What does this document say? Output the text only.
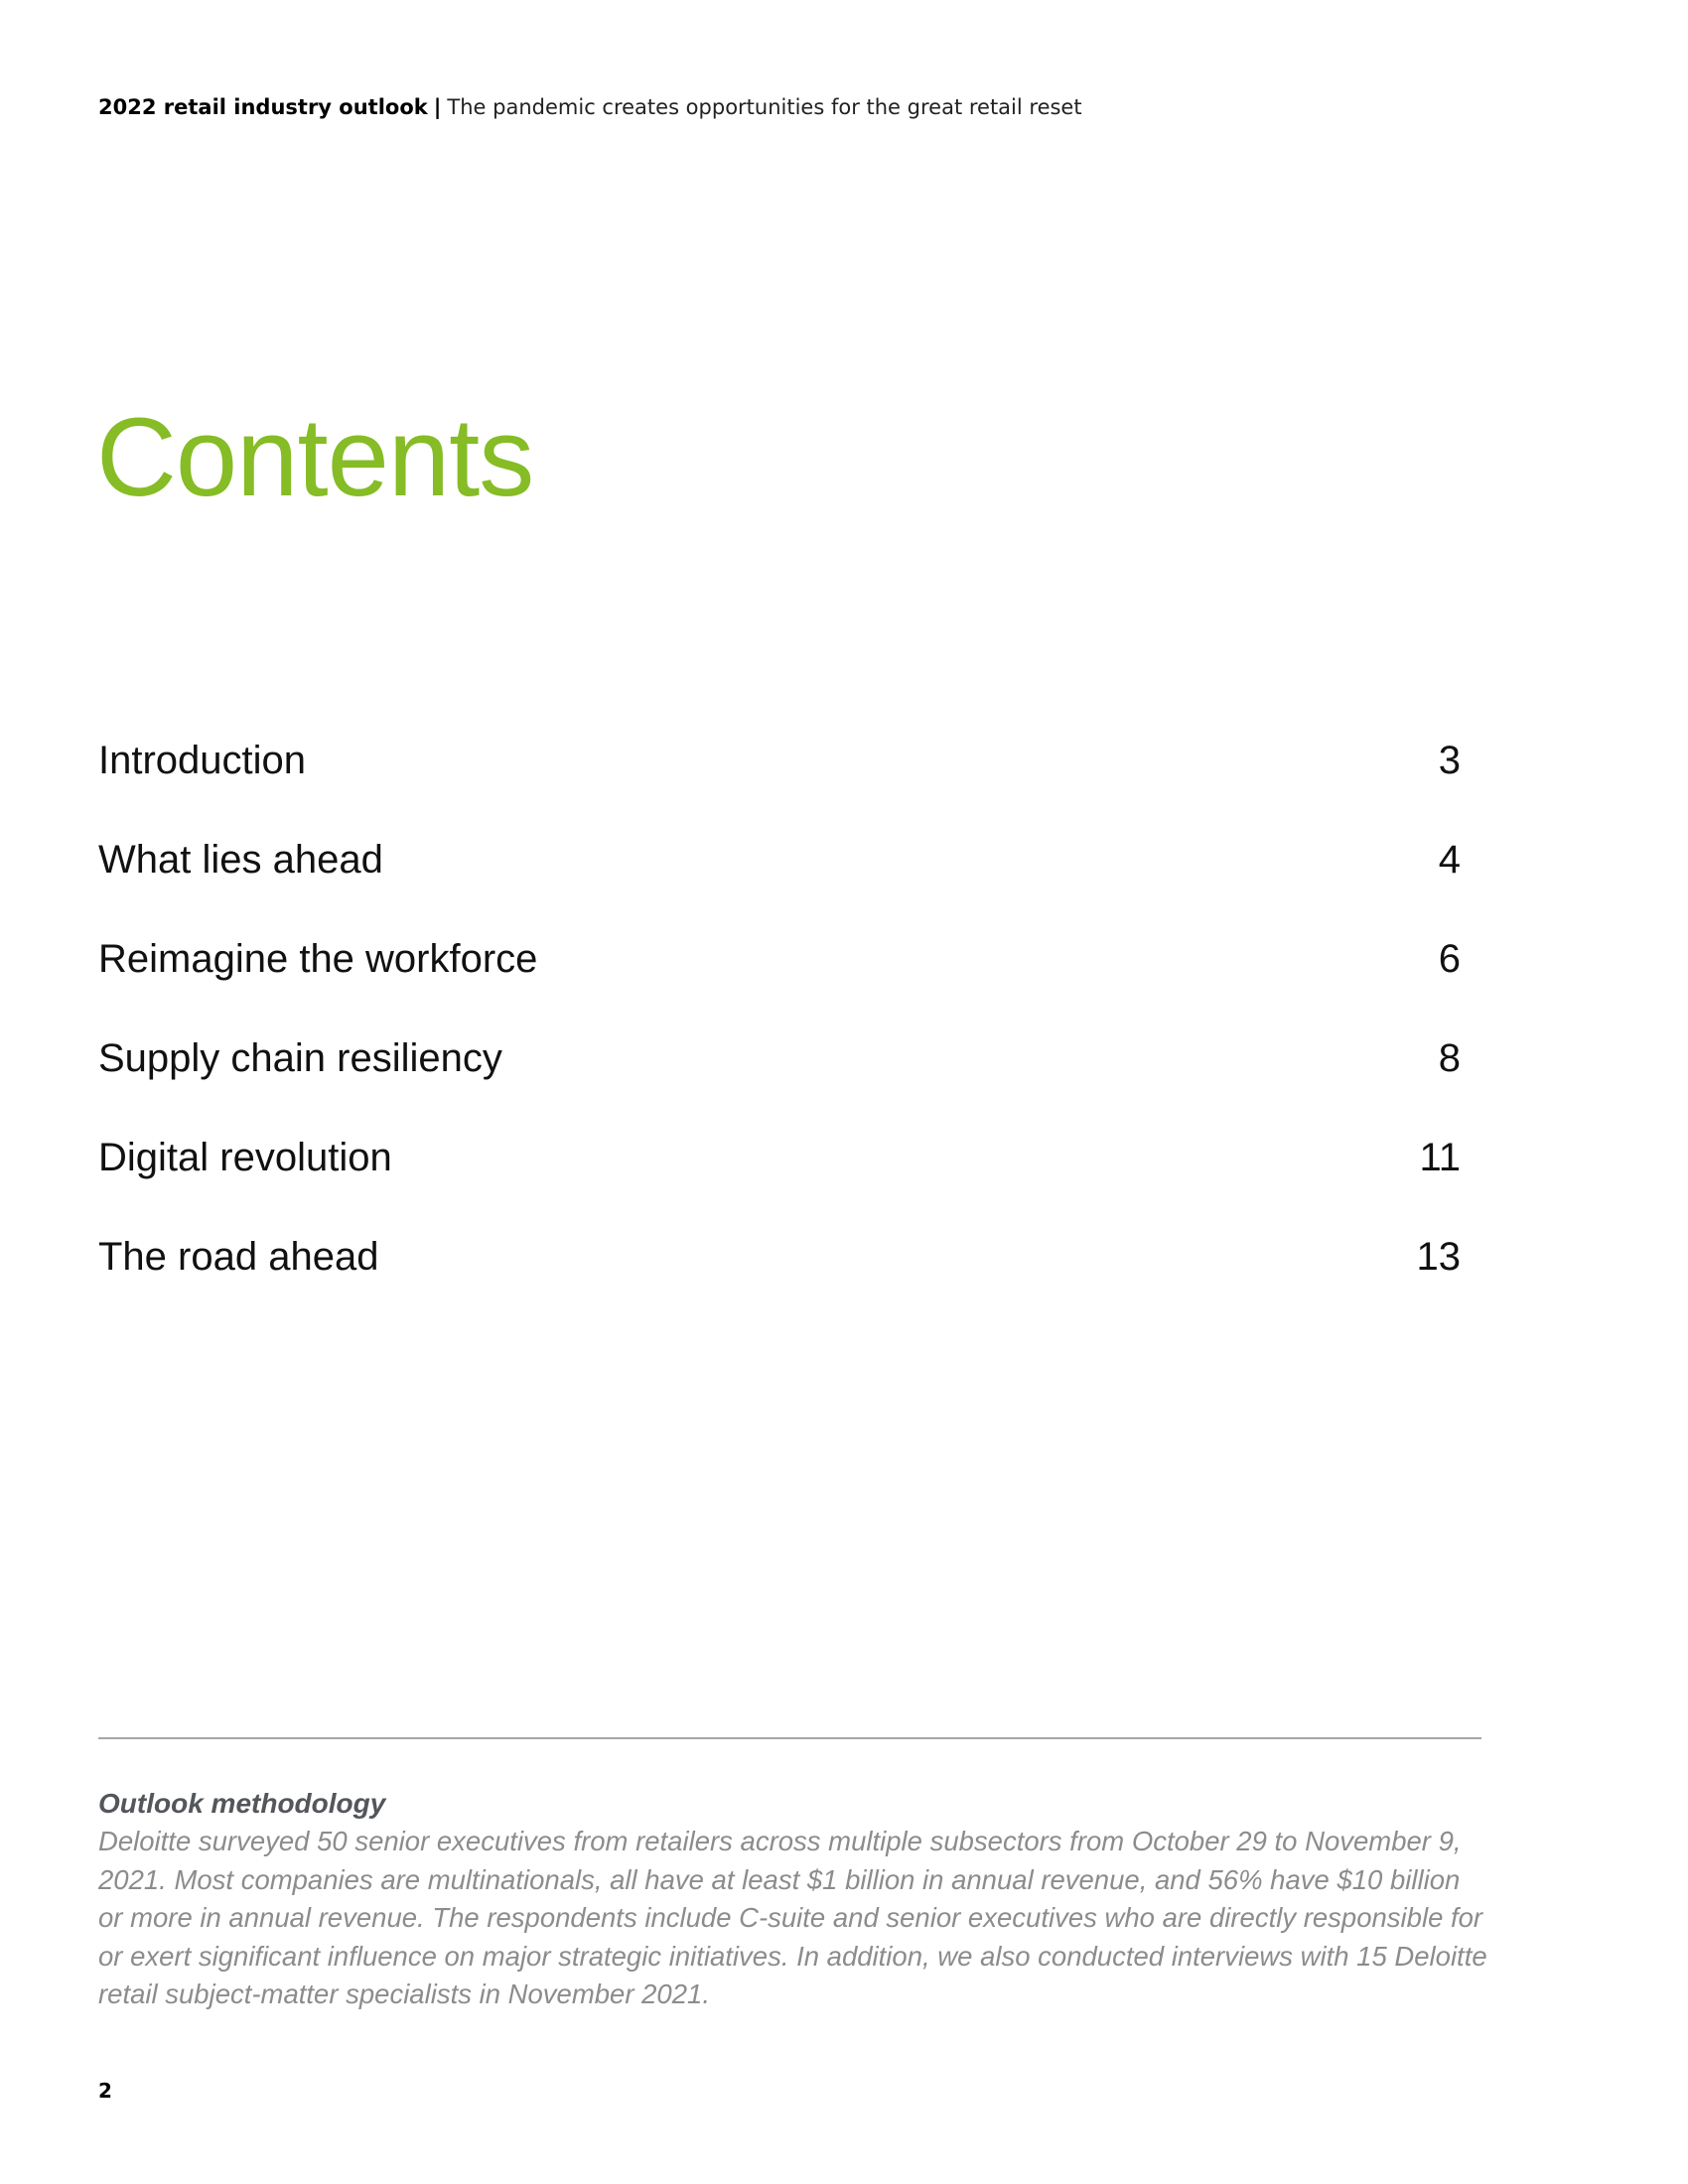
2022 retail industry outlook | The pandemic creates opportunities for the great retail reset
Contents
Introduction	3
What lies ahead	4
Reimagine the workforce	6
Supply chain resiliency	8
Digital revolution	11
The road ahead	13

Outlook methodology

Deloitte surveyed 50 senior executives from retailers across multiple subsectors from October 29 to November 9, 2021. Most companies are multinationals, all have at least $1 billion in annual revenue, and 56% have $10 billion or more in annual revenue. The respondents include C-suite and senior executives who are directly responsible for or exert significant influence on major strategic initiatives. In addition, we also conducted interviews with 15 Deloitte retail subject-matter specialists in November 2021.

2
